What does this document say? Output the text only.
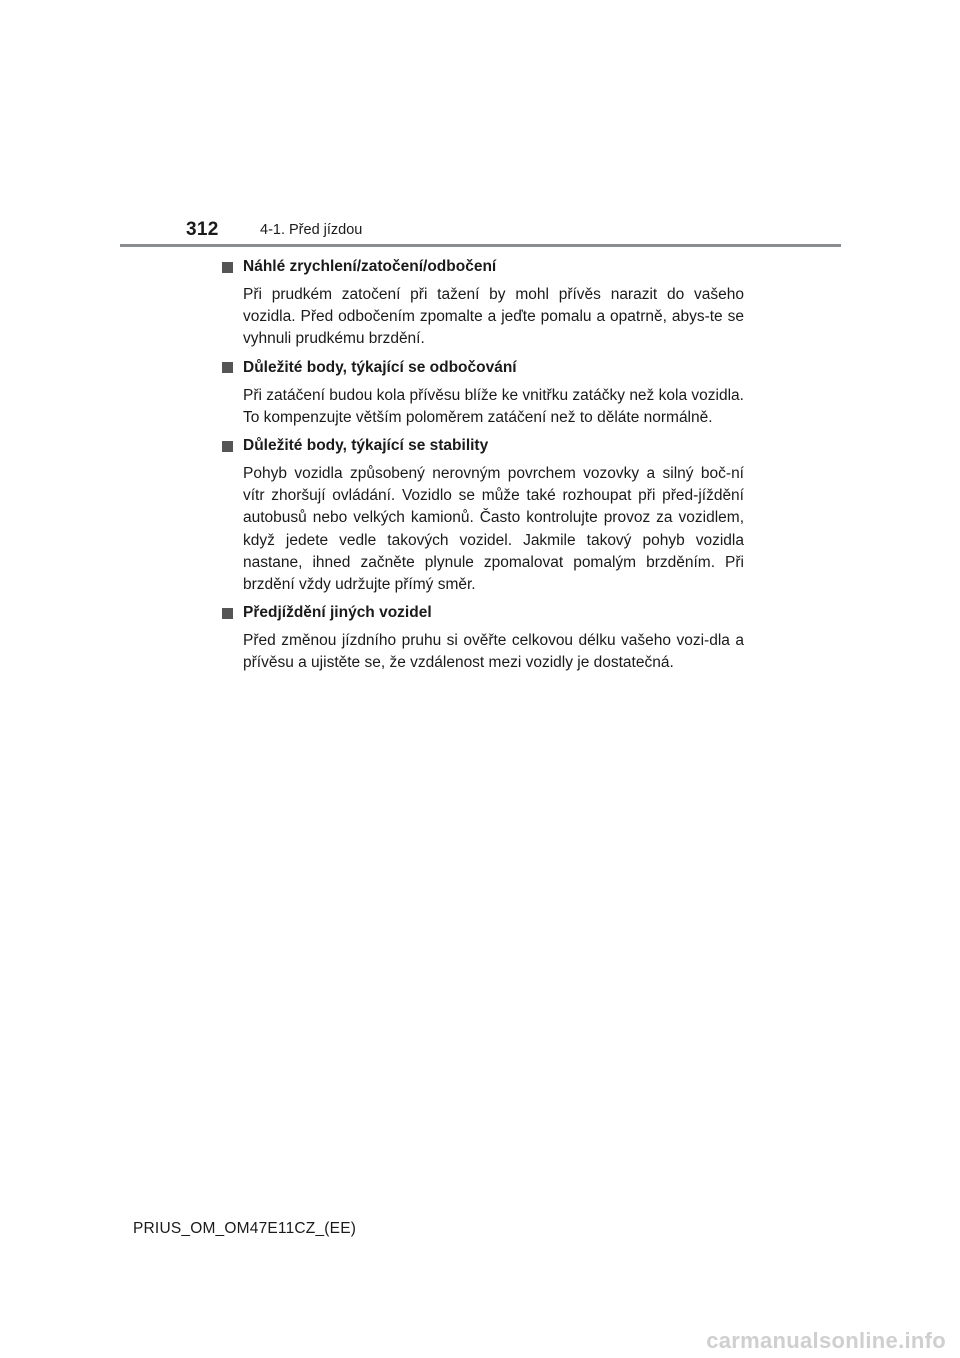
312	4-1. Před jízdou
Náhlé zrychlení/zatočení/odbočení

Při prudkém zatočení při tažení by mohl přívěs narazit do vašeho vozidla. Před odbočením zpomalte a jeďte pomalu a opatrně, abys-te se vyhnuli prudkému brzdění.

Důležité body, týkající se odbočování

Při zatáčení budou kola přívěsu blíže ke vnitřku zatáčky než kola vozidla. To kompenzujte větším poloměrem zatáčení než to děláte normálně.

Důležité body, týkající se stability

Pohyb vozidla způsobený nerovným povrchem vozovky a silný boč-ní vítr zhoršují ovládání. Vozidlo se může také rozhoupat při před-jíždění autobusů nebo velkých kamionů. Často kontrolujte provoz za vozidlem, když jedete vedle takových vozidel. Jakmile takový pohyb vozidla nastane, ihned začněte plynule zpomalovat pomalým brzděním. Při brzdění vždy udržujte přímý směr.

Předjíždění jiných vozidel

Před změnou jízdního pruhu si ověřte celkovou délku vašeho vozi-dla a přívěsu a ujistěte se, že vzdálenost mezi vozidly je dostatečná.

PRIUS_OM_OM47E11CZ_(EE)
carmanualsonline.info
